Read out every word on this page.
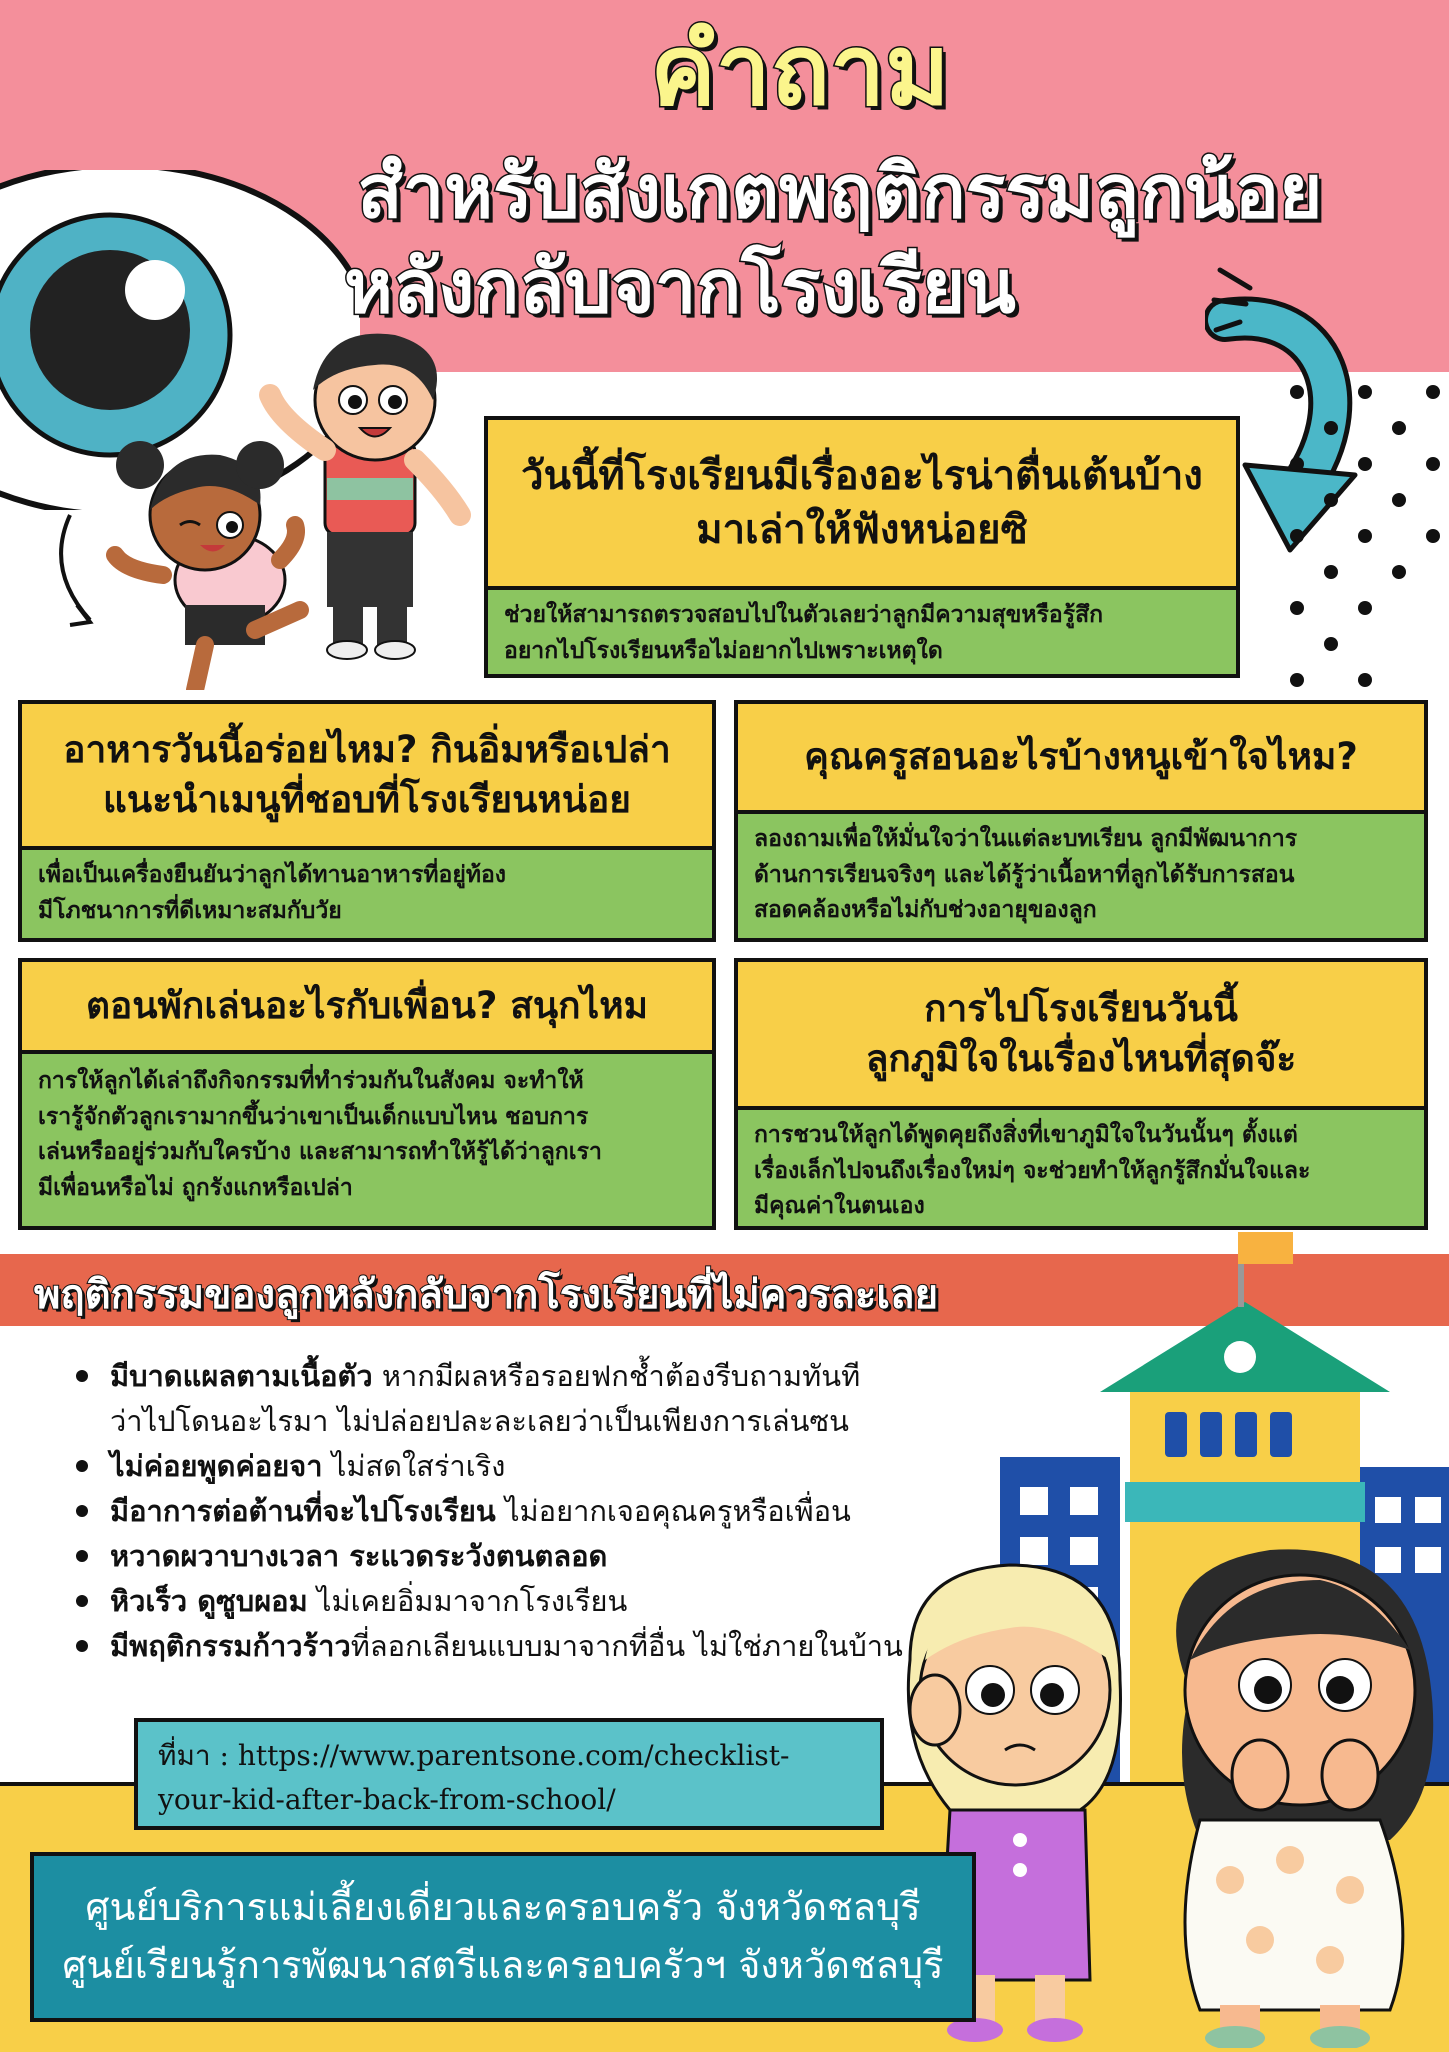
คำถาม
สำหรับสังเกตพฤติกรรมลูกน้อย
หลังกลับจากโรงเรียน
วันนี้ที่โรงเรียนมีเรื่องอะไรน่าตื่นเต้นบ้าง
มาเล่าให้ฟังหน่อยซิ
ช่วยให้สามารถตรวจสอบไปในตัวเลยว่าลูกมีความสุขหรือรู้สึก
อยากไปโรงเรียนหรือไม่อยากไปเพราะเหตุใด
อาหารวันนี้อร่อยไหม? กินอิ่มหรือเปล่า
แนะนำเมนูที่ชอบที่โรงเรียนหน่อย
เพื่อเป็นเครื่องยืนยันว่าลูกได้ทานอาหารที่อยู่ท้อง
มีโภชนาการที่ดีเหมาะสมกับวัย
คุณครูสอนอะไรบ้างหนูเข้าใจไหม?
ลองถามเพื่อให้มั่นใจว่าในแต่ละบทเรียน ลูกมีพัฒนาการ
ด้านการเรียนจริงๆ และได้รู้ว่าเนื้อหาที่ลูกได้รับการสอน
สอดคล้องหรือไม่กับช่วงอายุของลูก
ตอนพักเล่นอะไรกับเพื่อน? สนุกไหม
การให้ลูกได้เล่าถึงกิจกรรมที่ทำร่วมกันในสังคม จะทำให้
เรารู้จักตัวลูกเรามากขึ้นว่าเขาเป็นเด็กแบบไหน ชอบการ
เล่นหรืออยู่ร่วมกับใครบ้าง และสามารถทำให้รู้ได้ว่าลูกเรา
มีเพื่อนหรือไม่ ถูกรังแกหรือเปล่า
การไปโรงเรียนวันนี้
ลูกภูมิใจในเรื่องไหนที่สุดจ๊ะ
การชวนให้ลูกได้พูดคุยถึงสิ่งที่เขาภูมิใจในวันนั้นๆ ตั้งแต่
เรื่องเล็กไปจนถึงเรื่องใหม่ๆ จะช่วยทำให้ลูกรู้สึกมั่นใจและ
มีคุณค่าในตนเอง
พฤติกรรมของลูกหลังกลับจากโรงเรียนที่ไม่ควรละเลย
มีบาดแผลตามเนื้อตัว หากมีผลหรือรอยฟกช้ำต้องรีบถามทันที
ว่าไปโดนอะไรมา ไม่ปล่อยปละละเลยว่าเป็นเพียงการเล่นซน
ไม่ค่อยพูดค่อยจา ไม่สดใสร่าเริง
มีอาการต่อต้านที่จะไปโรงเรียน ไม่อยากเจอคุณครูหรือเพื่อน
หวาดผวาบางเวลา ระแวดระวังตนตลอด
หิวเร็ว ดูซูบผอม ไม่เคยอิ่มมาจากโรงเรียน
มีพฤติกรรมก้าวร้าวที่ลอกเลียนแบบมาจากที่อื่น ไม่ใช่ภายในบ้าน
ที่มา : https://www.parentsone.com/checklist-
your-kid-after-back-from-school/
ศูนย์บริการแม่เลี้ยงเดี่ยวและครอบครัว จังหวัดชลบุรี
ศูนย์เรียนรู้การพัฒนาสตรีและครอบครัวฯ จังหวัดชลบุรี
